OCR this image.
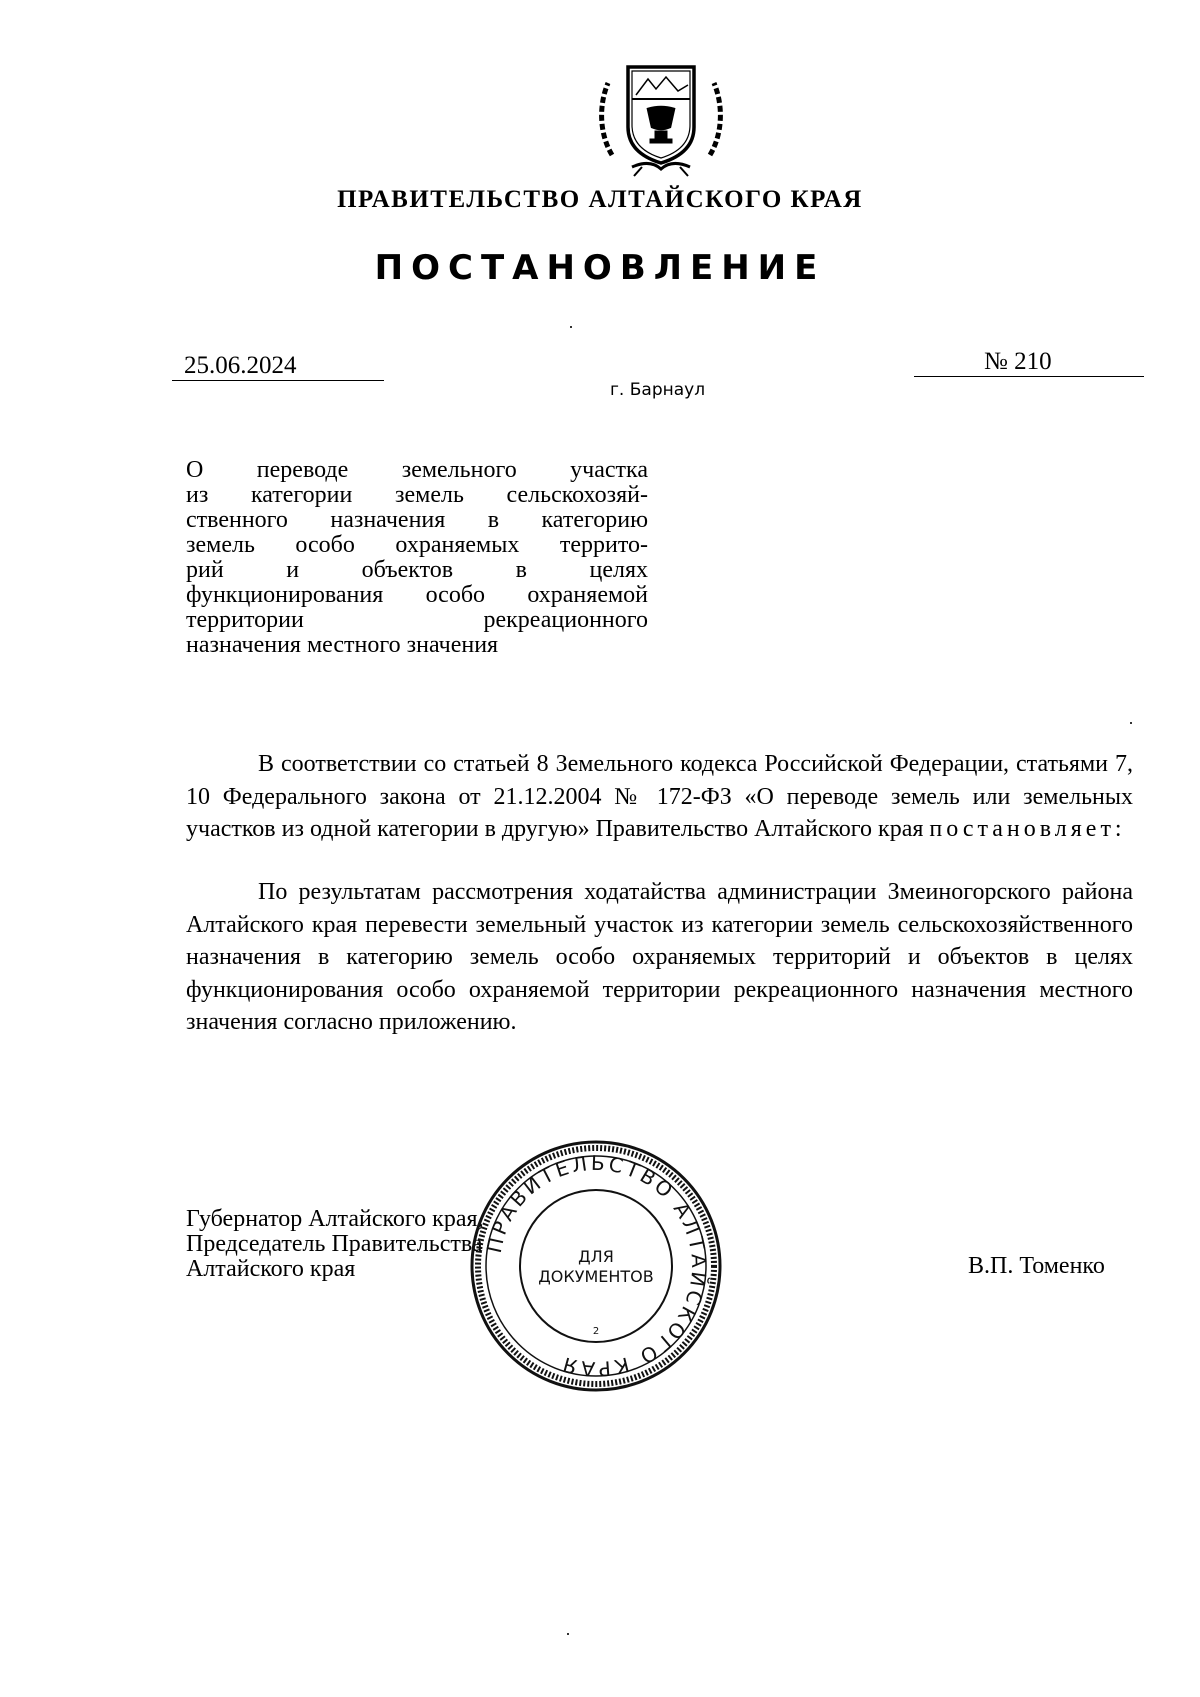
ПРАВИТЕЛЬСТВО АЛТАЙСКОГО КРАЯ
ПОСТАНОВЛЕНИЕ
25.06.2024	№ 210
г. Барнаул
О переводе земельного участка
из категории земель сельскохозяй-
ственного назначения в категорию
земель особо охраняемых террито-
рий и объектов в целях
функционирования особо охраняемой
территории рекреационного
назначения местного значения
В соответствии со статьей 8 Земельного кодекса Российской Федерации, статьями 7, 10 Федерального закона от 21.12.2004 № 172-ФЗ «О переводе земель или земельных участков из одной категории в другую» Правительство Алтайского края постановляет:
По результатам рассмотрения ходатайства администрации Змеиногорского района Алтайского края перевести земельный участок из категории земель сельскохозяйственного назначения в категорию земель особо охраняемых территорий и объектов в целях функционирования особо охраняемой территории рекреационного назначения местного значения согласно приложению.
Губернатор Алтайского края,
Председатель Правительства
Алтайского края	В.П. Томенко
ПРАВИТЕЛЬСТВО АЛТАЙСКОГО КРАЯ
ДЛЯ
ДОКУМЕНТОВ
2
